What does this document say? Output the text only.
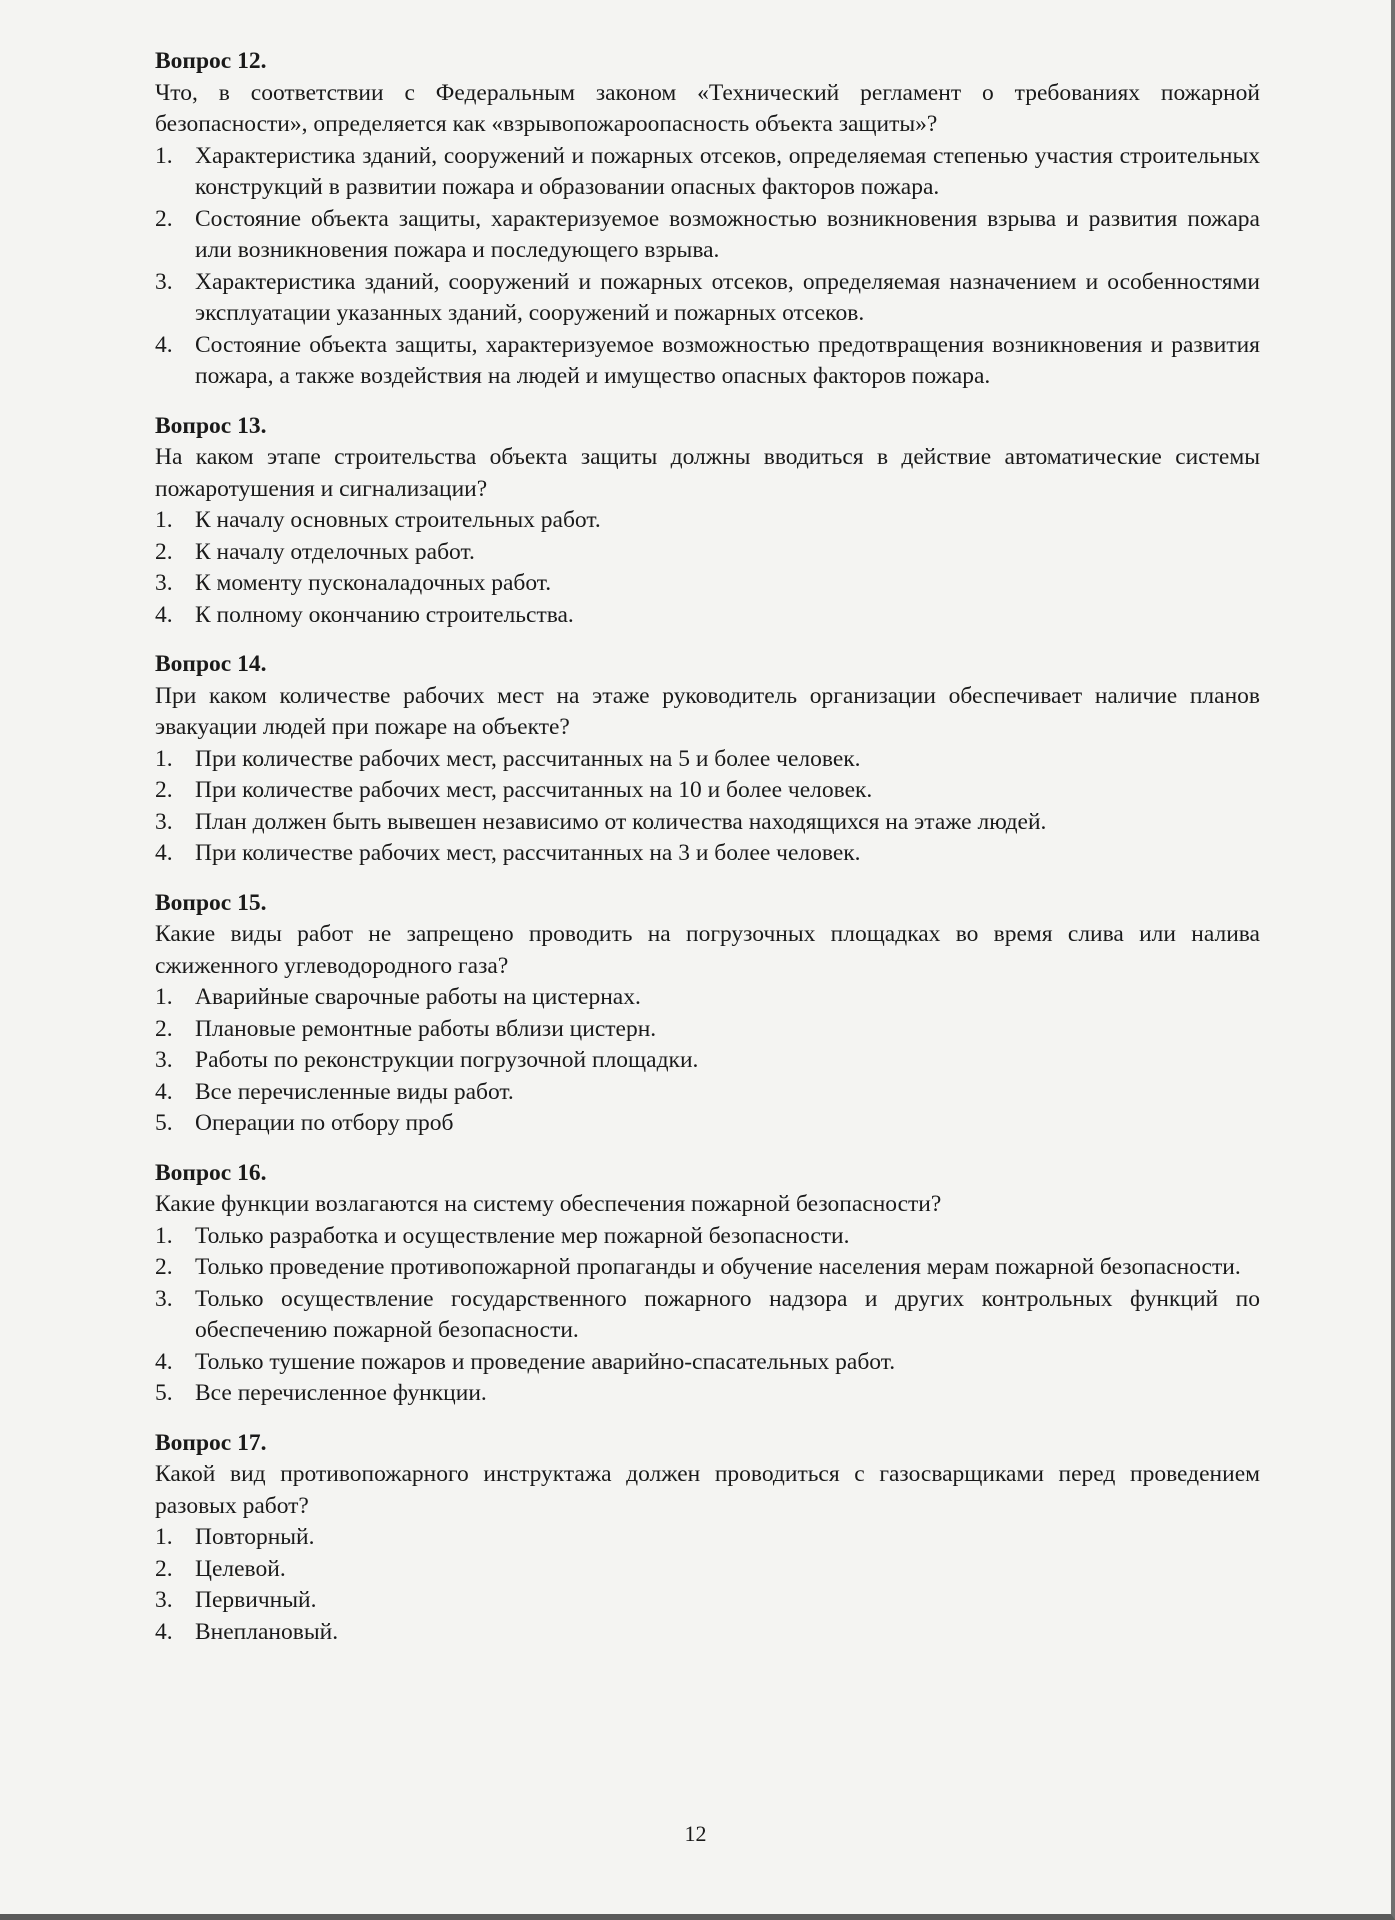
Вопрос 12.
Что, в соответствии с Федеральным законом «Технический регламент о требованиях пожарной безопасности», определяется как «взрывопожароопасность объекта защиты»?
1. Характеристика зданий, сооружений и пожарных отсеков, определяемая степенью участия строительных конструкций в развитии пожара и образовании опасных факторов пожара.
2. Состояние объекта защиты, характеризуемое возможностью возникновения взрыва и развития пожара или возникновения пожара и последующего взрыва.
3. Характеристика зданий, сооружений и пожарных отсеков, определяемая назначением и особенностями эксплуатации указанных зданий, сооружений и пожарных отсеков.
4. Состояние объекта защиты, характеризуемое возможностью предотвращения возникновения и развития пожара, а также воздействия на людей и имущество опасных факторов пожара.
Вопрос 13.
На каком этапе строительства объекта защиты должны вводиться в действие автоматические системы пожаротушения и сигнализации?
1. К началу основных строительных работ.
2. К началу отделочных работ.
3. К моменту пусконаладочных работ.
4. К полному окончанию строительства.
Вопрос 14.
При каком количестве рабочих мест на этаже руководитель организации обеспечивает наличие планов эвакуации людей при пожаре на объекте?
1. При количестве рабочих мест, рассчитанных на 5 и более человек.
2. При количестве рабочих мест, рассчитанных на 10 и более человек.
3. План должен быть вывешен независимо от количества находящихся на этаже людей.
4. При количестве рабочих мест, рассчитанных на 3 и более человек.
Вопрос 15.
Какие виды работ не запрещено проводить на погрузочных площадках во время слива или налива сжиженного углеводородного газа?
1. Аварийные сварочные работы на цистернах.
2. Плановые ремонтные работы вблизи цистерн.
3. Работы по реконструкции погрузочной площадки.
4. Все перечисленные виды работ.
5. Операции по отбору проб
Вопрос 16.
Какие функции возлагаются на систему обеспечения пожарной безопасности?
1. Только разработка и осуществление мер пожарной безопасности.
2. Только проведение противопожарной пропаганды и обучение населения мерам пожарной безопасности.
3. Только осуществление государственного пожарного надзора и других контрольных функций по обеспечению пожарной безопасности.
4. Только тушение пожаров и проведение аварийно-спасательных работ.
5. Все перечисленное функции.
Вопрос 17.
Какой вид противопожарного инструктажа должен проводиться с газосварщиками перед проведением разовых работ?
1. Повторный.
2. Целевой.
3. Первичный.
4. Внеплановый.
12
